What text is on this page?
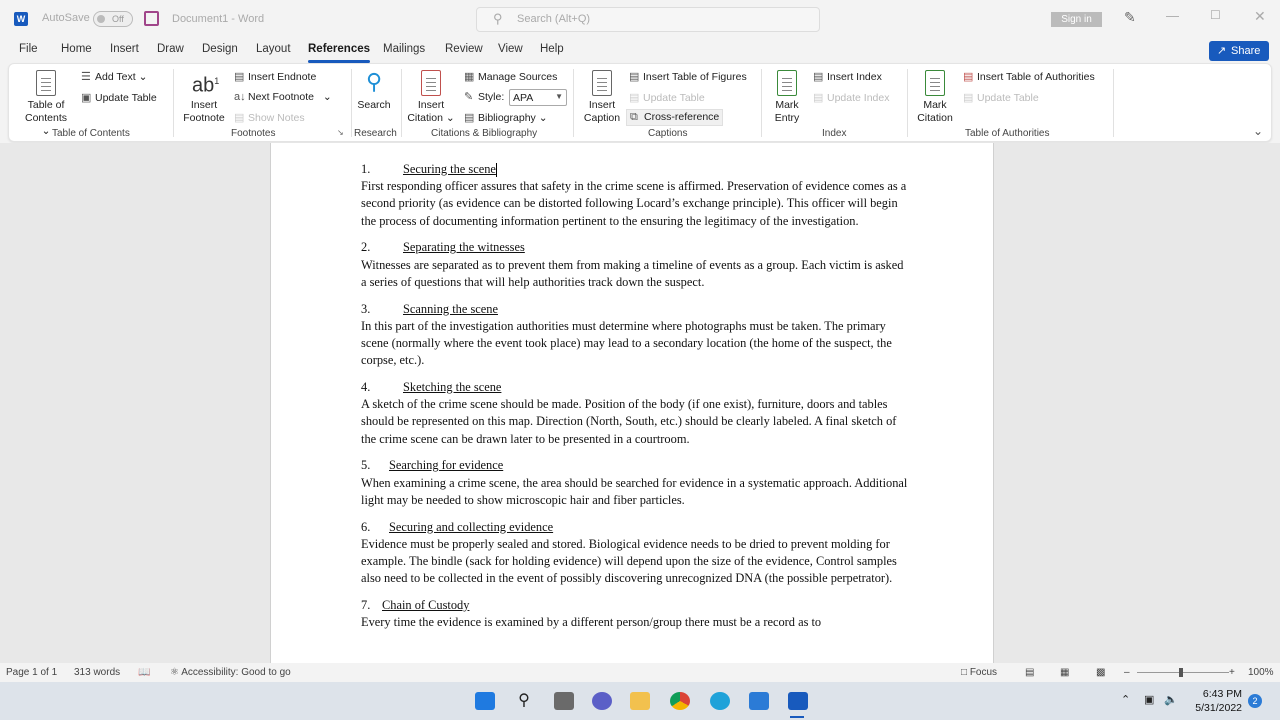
W AutoSave	Off	Document1 - Word	⚲ Search (Alt+Q)	Sign in	✎ —	☐ ✕
File Home Insert Draw Design Layout References Mailings Review View Help	↗ Share
Table of
Contents ⌄
☰ Add Text ⌄
▣ Update Table
Table of Contents
$ab^1$
Insert
Footnote
▤ Insert Endnote
a↓ Next Footnote ⌄
▤ Show Notes
Footnotes	↘
⚲
Search
Research
Insert
Citation ⌄
▦ Manage Sources
✎ Style: APA	▼
▤ Bibliography ⌄
Citations & Bibliography
Insert
Caption
▤ Insert Table of Figures
▤ Update Table
⧉ Cross-reference
Captions
Mark
Entry
▤ Insert Index
▤ Update Index
Index
Mark
Citation
▤ Insert Table of Authorities
▤ Update Table
Table of Authorities	⌄
1.	Securing the scene
First responding officer assures that safety in the crime scene is affirmed. Preservation of evidence comes as a second priority (as evidence can be distorted following Locard’s exchange principle). This officer will begin the process of documenting information pertinent to the ensuring the legitimacy of the investigation.
2.	Separating the witnesses
Witnesses are separated as to prevent them from making a timeline of events as a group. Each victim is asked a series of questions that will help authorities track down the suspect.
3.	Scanning the scene
In this part of the investigation authorities must determine where photographs must be taken. The primary scene (normally where the event took place) may lead to a secondary location (the home of the suspect, the corpse, etc.).
4.	Sketching the scene
A sketch of the crime scene should be made. Position of the body (if one exist), furniture, doors and tables should be represented on this map. Direction (North, South, etc.) should be clearly labeled. A final sketch of the crime scene can be drawn later to be presented in a courtroom.
5. Searching for evidence
When examining a crime scene, the area should be searched for evidence in a systematic approach. Additional light may be needed to show microscopic hair and fiber particles.
6. Securing and collecting evidence
Evidence must be properly sealed and stored. Biological evidence needs to be dried to prevent molding for example. The bindle (sack for holding evidence) will depend upon the size of the evidence, Control samples also need to be collected in the event of possibly discovering unrecognized DNA (the possible perpetrator).
7. Chain of Custody
Every time the evidence is examined by a different person/group there must be a record as to
Page 1 of 1 313 words 📖 ⚛ Accessibility: Good to go	□ Focus	▤	▦	▩ –	+ 100%
⚲	⌃ ▣ 🔈	6:43 PM
5/31/2022
2
